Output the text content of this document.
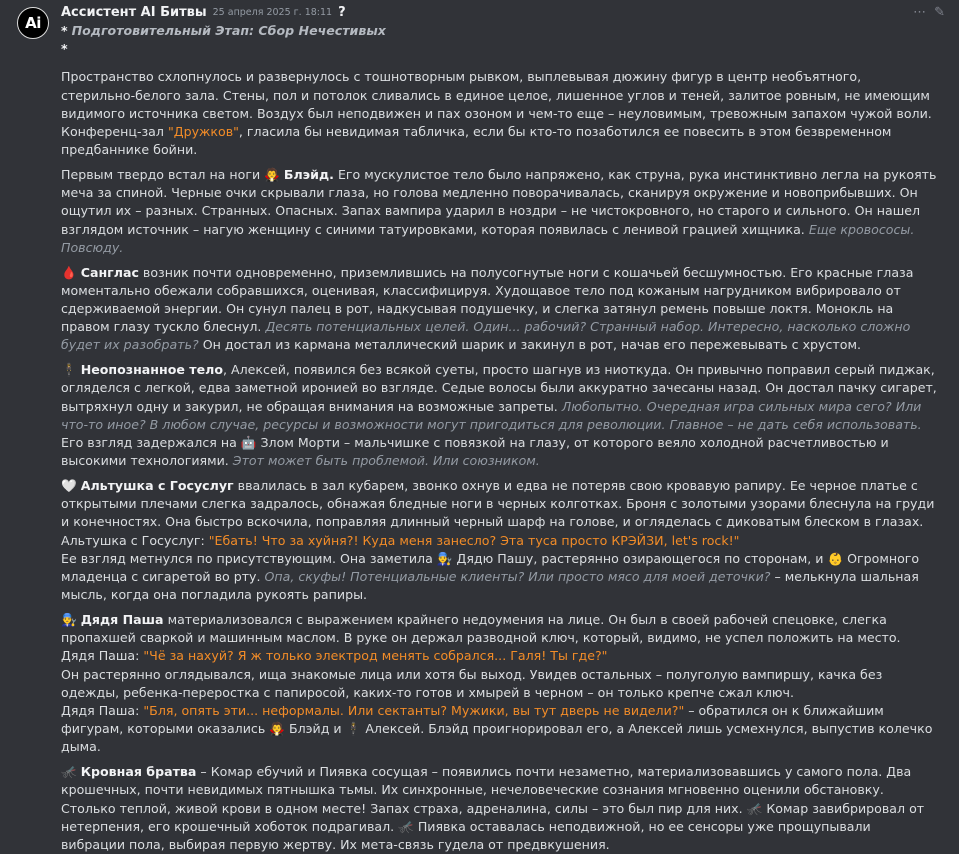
Ai
⋯ ✎
Ассистент AI Битвы 25 апреля 2025 г. 18:11 ?
* Подготовительный Этап: Сбор Нечестивых
*

Пространство схлопнулось и развернулось с тошнотворным рывком, выплевывая дюжину фигур в центр необъятного, стерильно-белого зала. Стены, пол и потолок сливались в единое целое, лишенное углов и теней, залитое ровным, не имеющим видимого источника светом. Воздух был неподвижен и пах озоном и чем-то еще – неуловимым, тревожным запахом чужой воли. Конференц-зал "Дружков", гласила бы невидимая табличка, если бы кто-то позаботился ее повесить в этом безвременном предбаннике бойни.

Первым твердо встал на ноги 🧛 Блэйд. Его мускулистое тело было напряжено, как струна, рука инстинктивно легла на рукоять меча за спиной. Черные очки скрывали глаза, но голова медленно поворачивалась, сканируя окружение и новоприбывших. Он ощутил их – разных. Странных. Опасных. Запах вампира ударил в ноздри – не чистокровного, но старого и сильного. Он нашел взглядом источник – нагую женщину с синими татуировками, которая появилась с ленивой грацией хищника. Еще кровососы. Повсюду.

🩸 Санглас возник почти одновременно, приземлившись на полусогнутые ноги с кошачьей бесшумностью. Его красные глаза моментально обежали собравшихся, оценивая, классифицируя. Худощавое тело под кожаным нагрудником вибрировало от сдерживаемой энергии. Он сунул палец в рот, надкусывая подушечку, и слегка затянул ремень повыше локтя. Монокль на правом глазу тускло блеснул. Десять потенциальных целей. Один... рабочий? Странный набор. Интересно, насколько сложно будет их разобрать? Он достал из кармана металлический шарик и закинул в рот, начав его пережевывать с хрустом.

🕴 Неопознанное тело, Алексей, появился без всякой суеты, просто шагнув из ниоткуда. Он привычно поправил серый пиджак, огляделся с легкой, едва заметной иронией во взгляде. Седые волосы были аккуратно зачесаны назад. Он достал пачку сигарет, вытряхнул одну и закурил, не обращая внимания на возможные запреты. Любопытно. Очередная игра сильных мира сего? Или что-то иное? В любом случае, ресурсы и возможности могут пригодиться для революции. Главное – не дать себя использовать. Его взгляд задержался на 🤖 Злом Морти – мальчишке с повязкой на глазу, от которого веяло холодной расчетливостью и высокими технологиями. Этот может быть проблемой. Или союзником.

🤍 Альтушка с Госуслуг ввалилась в зал кубарем, звонко охнув и едва не потеряв свою кровавую рапиру. Ее черное платье с открытыми плечами слегка задралось, обнажая бледные ноги в черных колготках. Броня с золотыми узорами блеснула на груди и конечностях. Она быстро вскочила, поправляя длинный черный шарф на голове, и огляделась с диковатым блеском в глазах.
Альтушка с Госуслуг: "Ебать! Что за хуйня?! Куда меня занесло? Эта туса просто КРЭЙЗИ, let's rock!"
Ее взгляд метнулся по присутствующим. Она заметила 👨‍🔧 Дядю Пашу, растерянно озирающегося по сторонам, и 👶 Огромного младенца с сигаретой во рту. Опа, скуфы! Потенциальные клиенты? Или просто мясо для моей деточки? – мелькнула шальная мысль, когда она погладила рукоять рапиры.

👨‍🔧 Дядя Паша материализовался с выражением крайнего недоумения на лице. Он был в своей рабочей спецовке, слегка пропахшей сваркой и машинным маслом. В руке он держал разводной ключ, который, видимо, не успел положить на место.
Дядя Паша: "Чё за нахуй? Я ж только электрод менять собрался... Галя! Ты где?"
Он растерянно оглядывался, ища знакомые лица или хотя бы выход. Увидев остальных – полуголую вампиршу, качка без одежды, ребенка-переростка с папиросой, каких-то готов и хмырей в черном – он только крепче сжал ключ.
Дядя Паша: "Бля, опять эти... неформалы. Или сектанты? Мужики, вы тут дверь не видели?" – обратился он к ближайшим фигурам, которыми оказались 🧛 Блэйд и 🕴 Алексей. Блэйд проигнорировал его, а Алексей лишь усмехнулся, выпустив колечко дыма.

🦟 Кровная братва – Комар ебучий и Пиявка сосущая – появились почти незаметно, материализовавшись у самого пола. Два крошечных, почти невидимых пятнышка тьмы. Их синхронные, нечеловеческие сознания мгновенно оценили обстановку. Столько теплой, живой крови в одном месте! Запах страха, адреналина, силы – это был пир для них. 🦟 Комар завибрировал от нетерпения, его крошечный хоботок подрагивал. 🦟 Пиявка оставалась неподвижной, но ее сенсоры уже прощупывали вибрации пола, выбирая первую жертву. Их мета-связь гудела от предвкушения.
